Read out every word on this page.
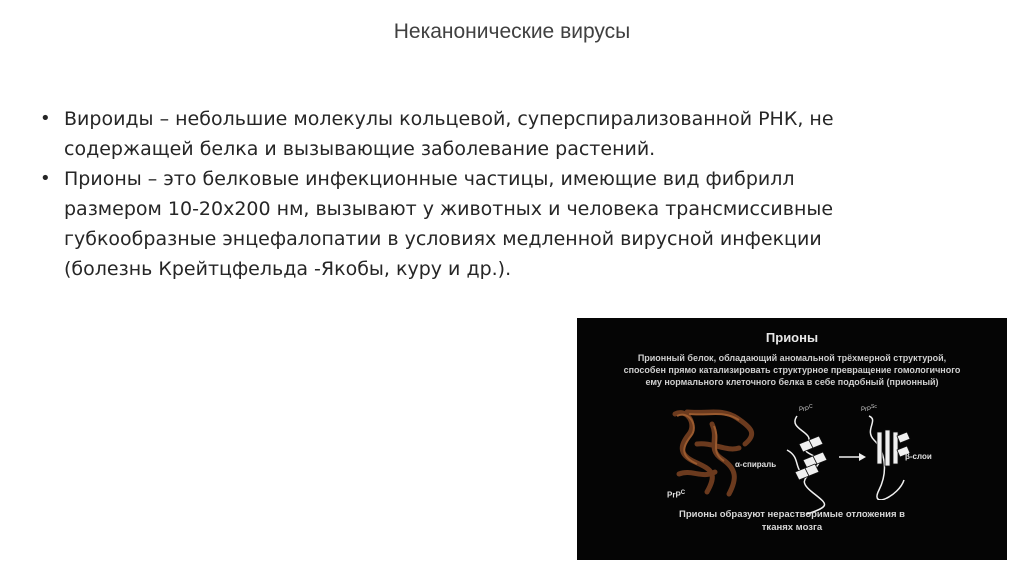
Неканонические вирусы
• Вироиды – небольшие молекулы кольцевой, суперспирализованной РНК, не
содержащей белка и вызывающие заболевание растений.
• Прионы – это белковые инфекционные частицы, имеющие вид фибрилл
размером 10-20х200 нм, вызывают у животных и человека трансмиссивные
губкообразные энцефалопатии в условиях медленной вирусной инфекции
(болезнь Крейтцфельда -Якобы, куру и др.).
Прионы
Прионный белок, обладающий аномальной трёхмерной структурой,
способен прямо катализировать структурное превращение гомологичного
ему нормального клеточного белка в себе подобный (прионный)
PrP$^C$
PrP$^C$
α-спираль
PrP$^{Sc}$
β-слои
Прионы образуют нерастворимые отложения в
тканях мозга
